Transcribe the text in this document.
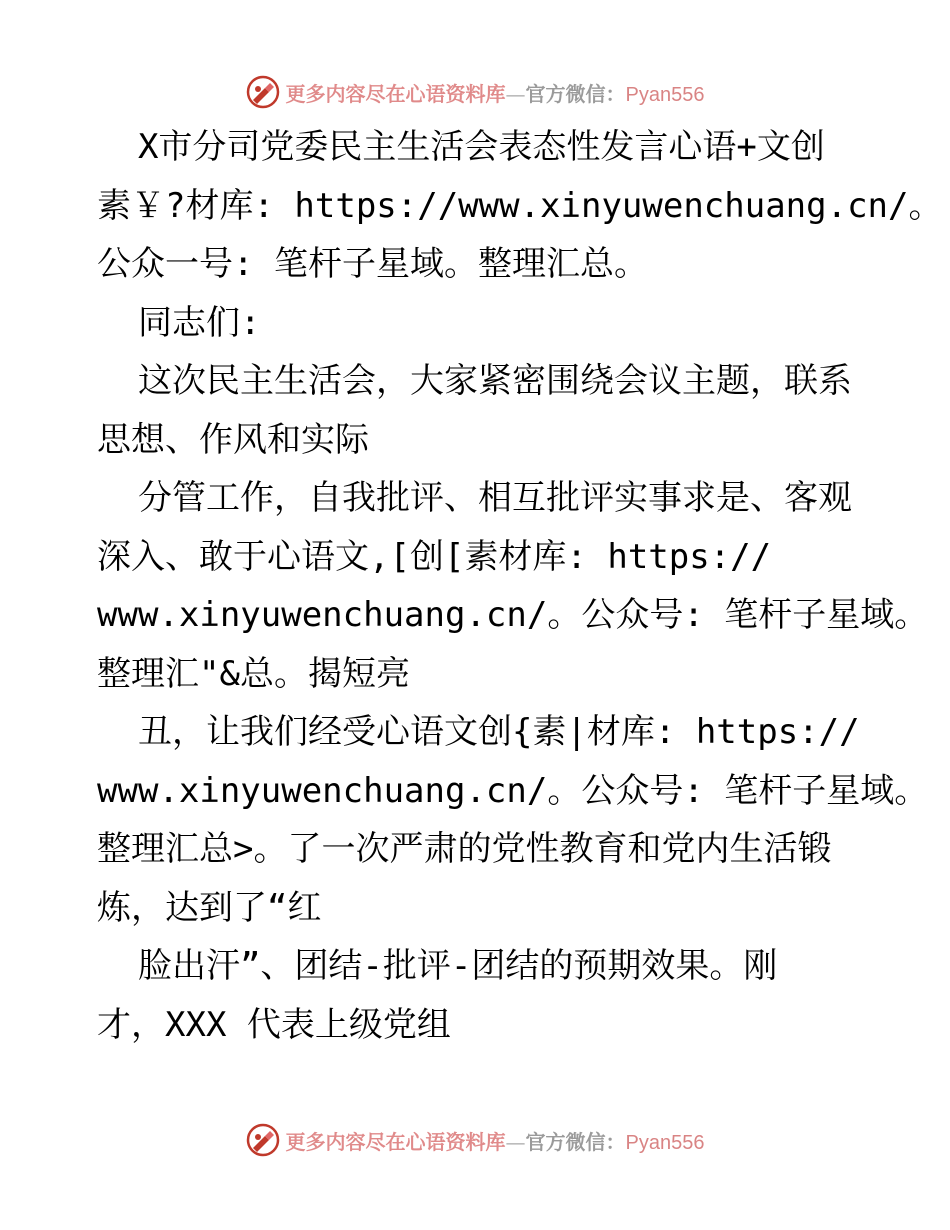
更多内容尽在心语资料库—官方微信：Pyan556
X市分司党委民主生活会表态性发言心语+文创
素￥?材库: https://www.xinyuwenchuang.cn/。
公众一号: 笔杆子星域。整理汇总。
同志们:
这次民主生活会，大家紧密围绕会议主题，联系
思想、作风和实际
分管工作，自我批评、相互批评实事求是、客观
深入、敢于心语文,[创[素材库: https://
www.xinyuwenchuang.cn/。公众号: 笔杆子星域。
整理汇"&总。揭短亮
丑，让我们经受心语文创{素|材库: https://
www.xinyuwenchuang.cn/。公众号: 笔杆子星域。
整理汇总>。了一次严肃的党性教育和党内生活锻
炼，达到了“红
脸出汗”、团结-批评-团结的预期效果。刚
才，XXX 代表上级党组
更多内容尽在心语资料库—官方微信：Pyan556
